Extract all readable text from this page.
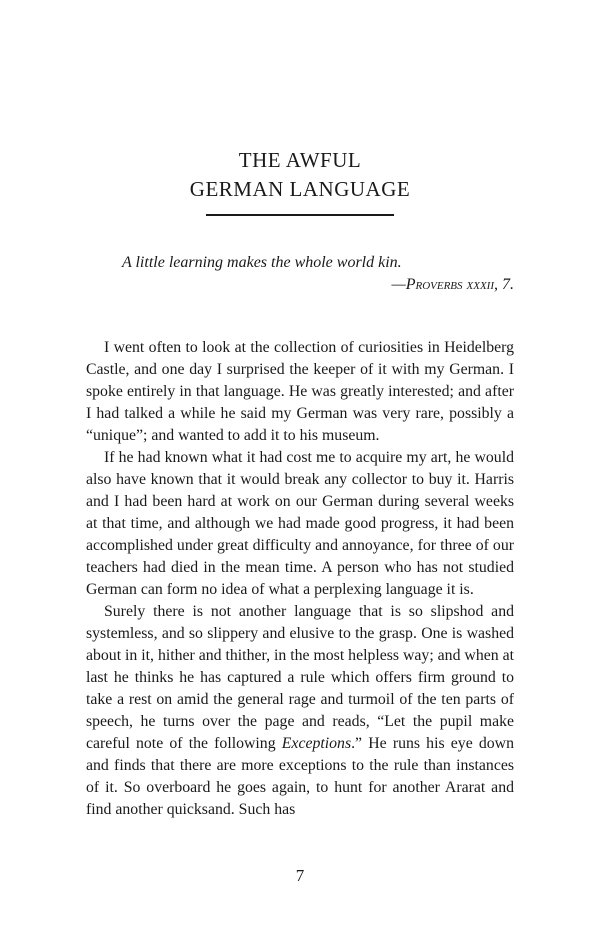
THE AWFUL
GERMAN LANGUAGE
A little learning makes the whole world kin.
—Proverbs xxxii, 7.

I went often to look at the collection of curiosities in Heidelberg Castle, and one day I surprised the keeper of it with my German. I spoke entirely in that language. He was greatly interested; and after I had talked a while he said my German was very rare, possibly a “unique”; and wanted to add it to his museum.

If he had known what it had cost me to acquire my art, he would also have known that it would break any collector to buy it. Harris and I had been hard at work on our German during several weeks at that time, and although we had made good progress, it had been accomplished under great difficulty and annoyance, for three of our teachers had died in the mean time. A person who has not studied German can form no idea of what a perplexing language it is.

Surely there is not another language that is so slipshod and systemless, and so slippery and elusive to the grasp. One is washed about in it, hither and thither, in the most helpless way; and when at last he thinks he has captured a rule which offers firm ground to take a rest on amid the general rage and turmoil of the ten parts of speech, he turns over the page and reads, “Let the pupil make careful note of the following Exceptions.” He runs his eye down and finds that there are more exceptions to the rule than instances of it. So overboard he goes again, to hunt for another Ararat and find another quicksand. Such has

7
